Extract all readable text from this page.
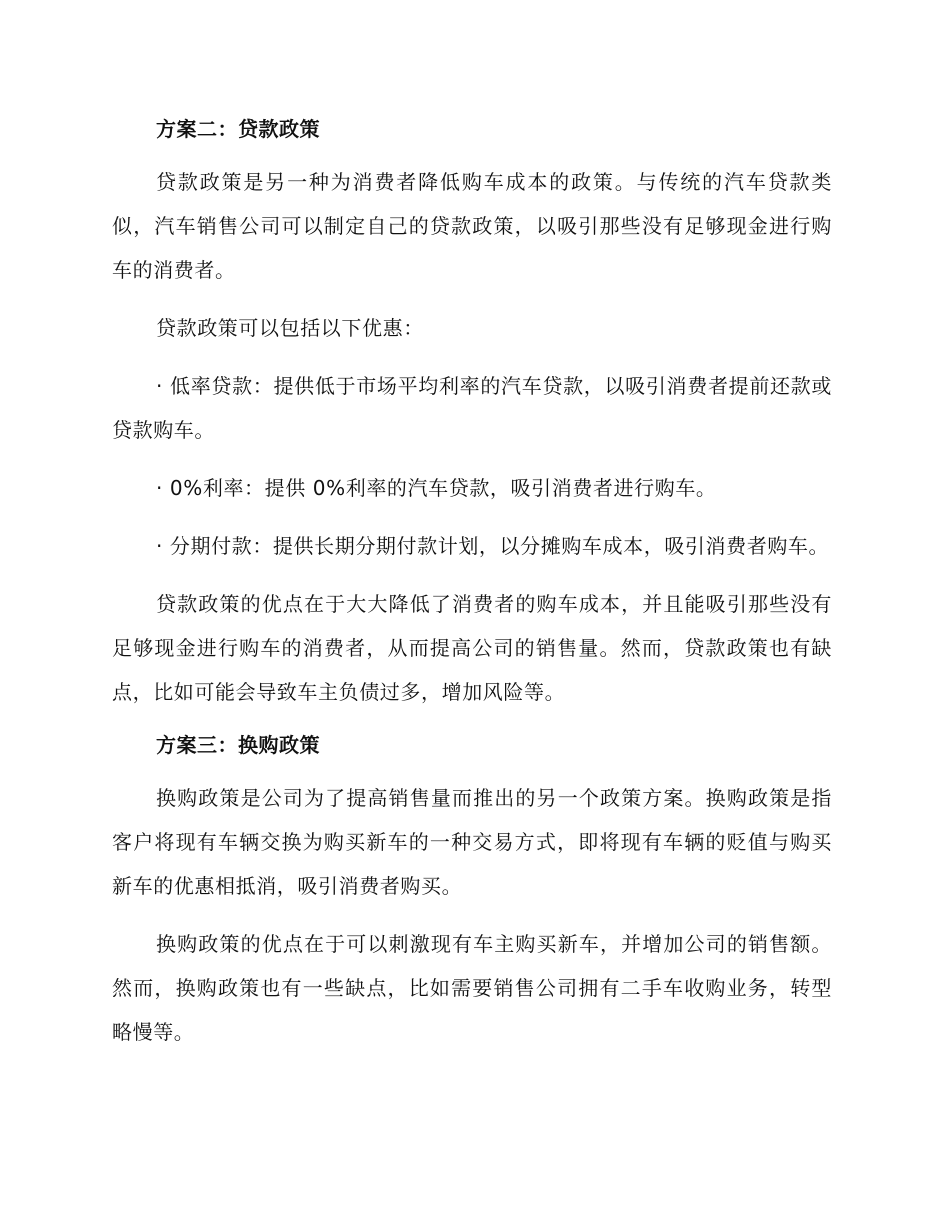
方案二：贷款政策

贷款政策是另一种为消费者降低购车成本的政策。与传统的汽车贷款类似，汽车销售公司可以制定自己的贷款政策，以吸引那些没有足够现金进行购车的消费者。

贷款政策可以包括以下优惠：

· 低率贷款：提供低于市场平均利率的汽车贷款，以吸引消费者提前还款或贷款购车。

· 0%利率：提供 0%利率的汽车贷款，吸引消费者进行购车。

· 分期付款：提供长期分期付款计划，以分摊购车成本，吸引消费者购车。

贷款政策的优点在于大大降低了消费者的购车成本，并且能吸引那些没有足够现金进行购车的消费者，从而提高公司的销售量。然而，贷款政策也有缺点，比如可能会导致车主负债过多，增加风险等。

方案三：换购政策

换购政策是公司为了提高销售量而推出的另一个政策方案。换购政策是指客户将现有车辆交换为购买新车的一种交易方式，即将现有车辆的贬值与购买新车的优惠相抵消，吸引消费者购买。

换购政策的优点在于可以刺激现有车主购买新车，并增加公司的销售额。然而，换购政策也有一些缺点，比如需要销售公司拥有二手车收购业务，转型略慢等。
